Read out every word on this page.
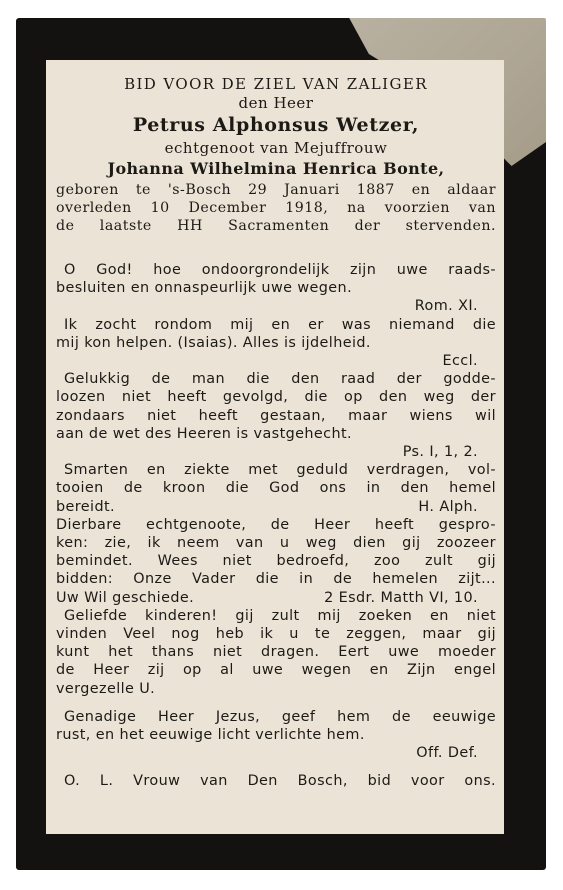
BID VOOR DE ZIEL VAN ZALIGER

den Heer

Petrus Alphonsus Wetzer,

echtgenoot van Mejuffrouw

Johanna Wilhelmina Henrica Bonte,

geboren te 's-Bosch 29 Januari 1887 en aldaar

overleden 10 December 1918, na voorzien van

de laatste HH Sacramenten der stervenden.

O God! hoe ondoorgrondelijk zijn uwe raads-

besluiten en onnaspeurlijk uwe wegen.

Rom. XI.

Ik zocht rondom mij en er was niemand die

mij kon helpen. (Isaias). Alles is ijdelheid.

Eccl.

Gelukkig de man die den raad der godde-

loozen niet heeft gevolgd, die op den weg der

zondaars niet heeft gestaan, maar wiens wil

aan de wet des Heeren is vastgehecht.

Ps. I, 1, 2.

Smarten en ziekte met geduld verdragen, vol-

tooien de kroon die God ons in den hemel

bereidt.	H. Alph.

Dierbare echtgenoote, de Heer heeft gespro-

ken: zie, ik neem van u weg dien gij zoozeer

bemindet. Wees niet bedroefd, zoo zult gij

bidden: Onze Vader die in de hemelen zijt...

Uw Wil geschiede.	2 Esdr. Matth VI, 10.

Geliefde kinderen! gij zult mij zoeken en niet

vinden Veel nog heb ik u te zeggen, maar gij

kunt het thans niet dragen. Eert uwe moeder

de Heer zij op al uwe wegen en Zijn engel

vergezelle U.

Genadige Heer Jezus, geef hem de eeuwige

rust, en het eeuwige licht verlichte hem.

Off. Def.

O. L. Vrouw van Den Bosch, bid voor ons.
